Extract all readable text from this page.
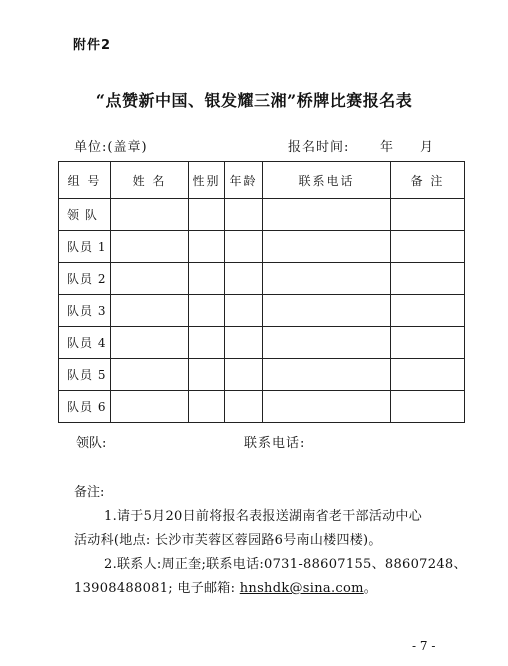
附件2
“点赞新中国、银发耀三湘”桥牌比赛报名表
单位:(盖章)	报名时间: 年 月
组 号	姓 名	性别	年龄	联系电话	备 注
领 队					
队员 1					
队员 2					
队员 3					
队员 4					
队员 5					
队员 6					
领队:	联系电话:
备注:
1.请于5月20日前将报名表报送湖南省老干部活动中心
活动科(地点: 长沙市芙蓉区蓉园路6号南山楼四楼)。
2.联系人:周正奎;联系电话:0731-88607155、88607248、
13908488081; 电子邮箱: hnshdk@sina.com。
- 7 -
